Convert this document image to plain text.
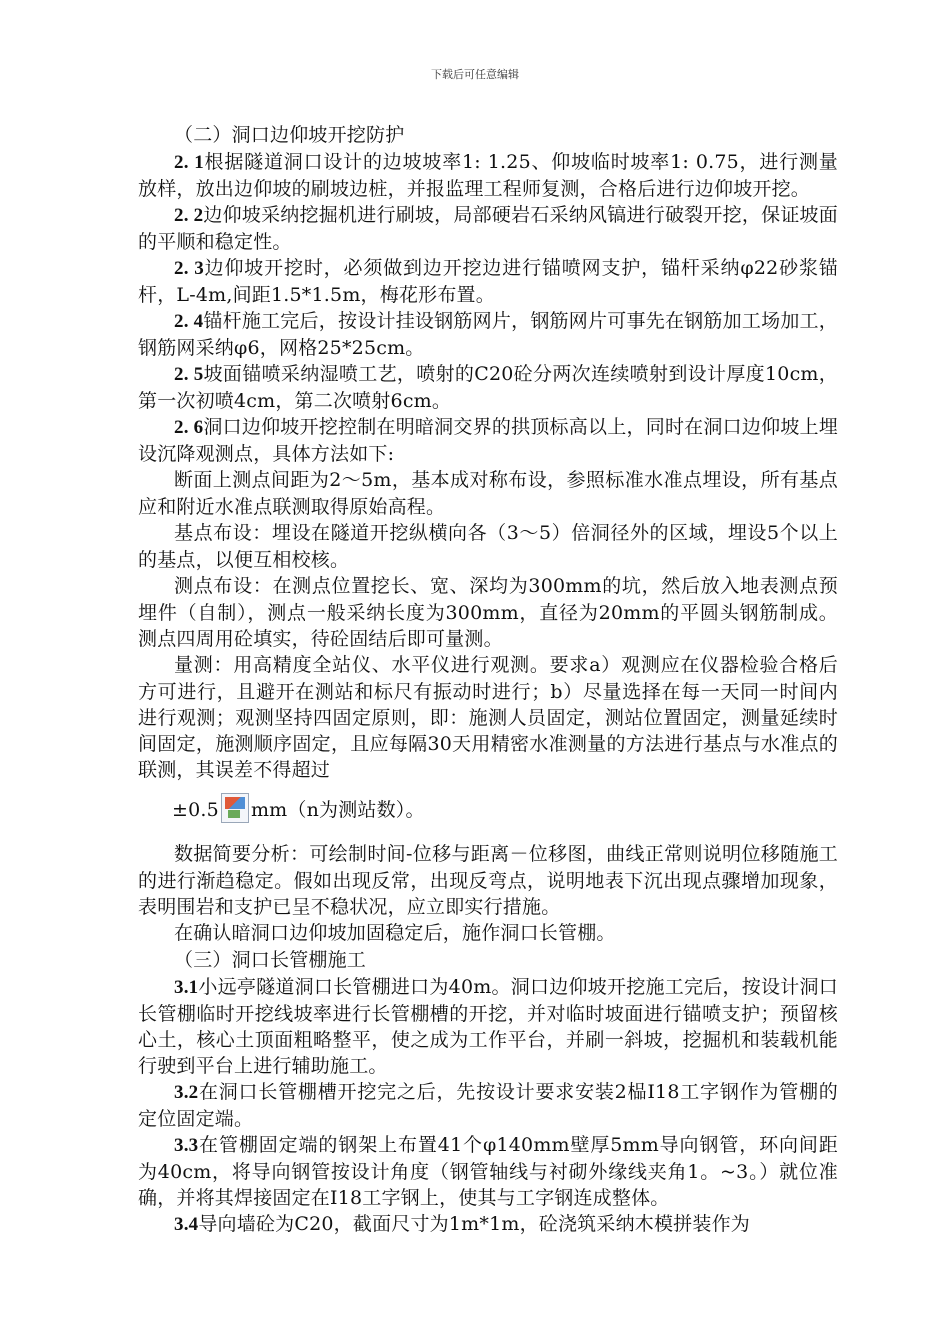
下载后可任意编辑

（二）洞口边仰坡开挖防护

2. 1根据隧道洞口设计的边坡坡率1: 1.25、仰坡临时坡率1: 0.75，进行测量放样，放出边仰坡的刷坡边桩，并报监理工程师复测，合格后进行边仰坡开挖。

2. 2边仰坡采纳挖掘机进行刷坡，局部硬岩石采纳风镐进行破裂开挖，保证坡面的平顺和稳定性。

2. 3边仰坡开挖时，必须做到边开挖边进行锚喷网支护，锚杆采纳φ22砂浆锚杆，L-4m,间距1.5*1.5m，梅花形布置。

2. 4锚杆施工完后，按设计挂设钢筋网片，钢筋网片可事先在钢筋加工场加工，钢筋网采纳φ6，网格25*25cm。

2. 5坡面锚喷采纳湿喷工艺，喷射的C20砼分两次连续喷射到设计厚度10cm，第一次初喷4cm，第二次喷射6cm。

2. 6洞口边仰坡开挖控制在明暗洞交界的拱顶标高以上，同时在洞口边仰坡上埋设沉降观测点，具体方法如下:

断面上测点间距为2～5m，基本成对称布设，参照标准水准点埋设，所有基点应和附近水准点联测取得原始高程。

基点布设：埋设在隧道开挖纵横向各（3～5）倍洞径外的区域，埋设5个以上的基点，以便互相校核。

测点布设：在测点位置挖长、宽、深均为300mm的坑，然后放入地表测点预埋件（自制），测点一般采纳长度为300mm，直径为20mm的平圆头钢筋制成。测点四周用砼填实，待砼固结后即可量测。

量测：用高精度全站仪、水平仪进行观测。要求a）观测应在仪器检验合格后方可进行，且避开在测站和标尺有振动时进行；b）尽量选择在每一天同一时间内进行观测；观测坚持四固定原则，即：施测人员固定，测站位置固定，测量延续时间固定，施测顺序固定，且应每隔30天用精密水准测量的方法进行基点与水准点的联测，其误差不得超过

±0.5 mm（n为测站数）。

数据简要分析：可绘制时间-位移与距离－位移图，曲线正常则说明位移随施工的进行渐趋稳定。假如出现反常，出现反弯点，说明地表下沉出现点骤增加现象，表明围岩和支护已呈不稳状况，应立即实行措施。

在确认暗洞口边仰坡加固稳定后，施作洞口长管棚。

（三）洞口长管棚施工

3.1小远亭隧道洞口长管棚进口为40m。洞口边仰坡开挖施工完后，按设计洞口长管棚临时开挖线坡率进行长管棚槽的开挖，并对临时坡面进行锚喷支护；预留核心土，核心土顶面粗略整平，使之成为工作平台，并刷一斜坡，挖掘机和装载机能行驶到平台上进行辅助施工。

3.2在洞口长管棚槽开挖完之后，先按设计要求安装2榀I18工字钢作为管棚的定位固定端。

3.3在管棚固定端的钢架上布置41个φ140mm壁厚5mm导向钢管，环向间距为40cm，将导向钢管按设计角度（钢管轴线与衬砌外缘线夹角1。~3。）就位准确，并将其焊接固定在I18工字钢上，使其与工字钢连成整体。

3.4导向墙砼为C20，截面尺寸为1m*1m，砼浇筑采纳木模拼装作为
